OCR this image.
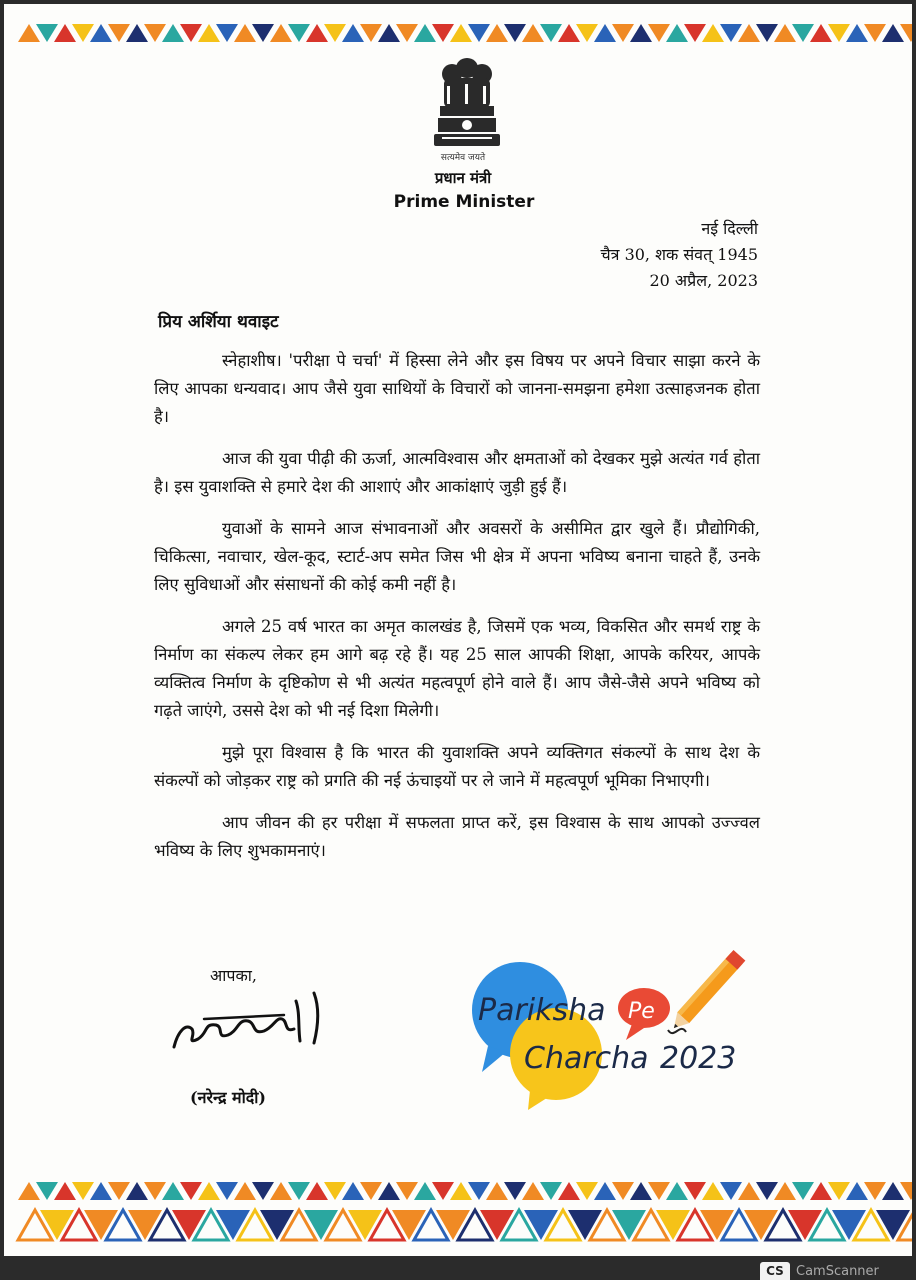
सत्यमेव जयते
प्रधान मंत्री
Prime Minister
नई दिल्ली
चैत्र 30, शक संवत् 1945
20 अप्रैल, 2023
प्रिय अर्शिया थवाइट

स्नेहाशीष। 'परीक्षा पे चर्चा' में हिस्सा लेने और इस विषय पर अपने विचार साझा करने के लिए आपका धन्यवाद। आप जैसे युवा साथियों के विचारों को जानना-समझना हमेशा उत्साहजनक होता है।

आज की युवा पीढ़ी की ऊर्जा, आत्मविश्वास और क्षमताओं को देखकर मुझे अत्यंत गर्व होता है। इस युवाशक्ति से हमारे देश की आशाएं और आकांक्षाएं जुड़ी हुई हैं।

युवाओं के सामने आज संभावनाओं और अवसरों के असीमित द्वार खुले हैं। प्रौद्योगिकी, चिकित्सा, नवाचार, खेल-कूद, स्टार्ट-अप समेत जिस भी क्षेत्र में अपना भविष्य बनाना चाहते हैं, उनके लिए सुविधाओं और संसाधनों की कोई कमी नहीं है।

अगले 25 वर्ष भारत का अमृत कालखंड है, जिसमें एक भव्य, विकसित और समर्थ राष्ट्र के निर्माण का संकल्प लेकर हम आगे बढ़ रहे हैं। यह 25 साल आपकी शिक्षा, आपके करियर, आपके व्यक्तित्व निर्माण के दृष्टिकोण से भी अत्यंत महत्वपूर्ण होने वाले हैं। आप जैसे-जैसे अपने भविष्य को गढ़ते जाएंगे, उससे देश को भी नई दिशा मिलेगी।

मुझे पूरा विश्वास है कि भारत की युवाशक्ति अपने व्यक्तिगत संकल्पों के साथ देश के संकल्पों को जोड़कर राष्ट्र को प्रगति की नई ऊंचाइयों पर ले जाने में महत्वपूर्ण भूमिका निभाएगी।

आप जीवन की हर परीक्षा में सफलता प्राप्त करें, इस विश्वास के साथ आपको उज्ज्वल भविष्य के लिए शुभकामनाएं।

आपका,
(नरेन्द्र मोदी)
Pariksha Pe
Charcha 2023
CS CamScanner
